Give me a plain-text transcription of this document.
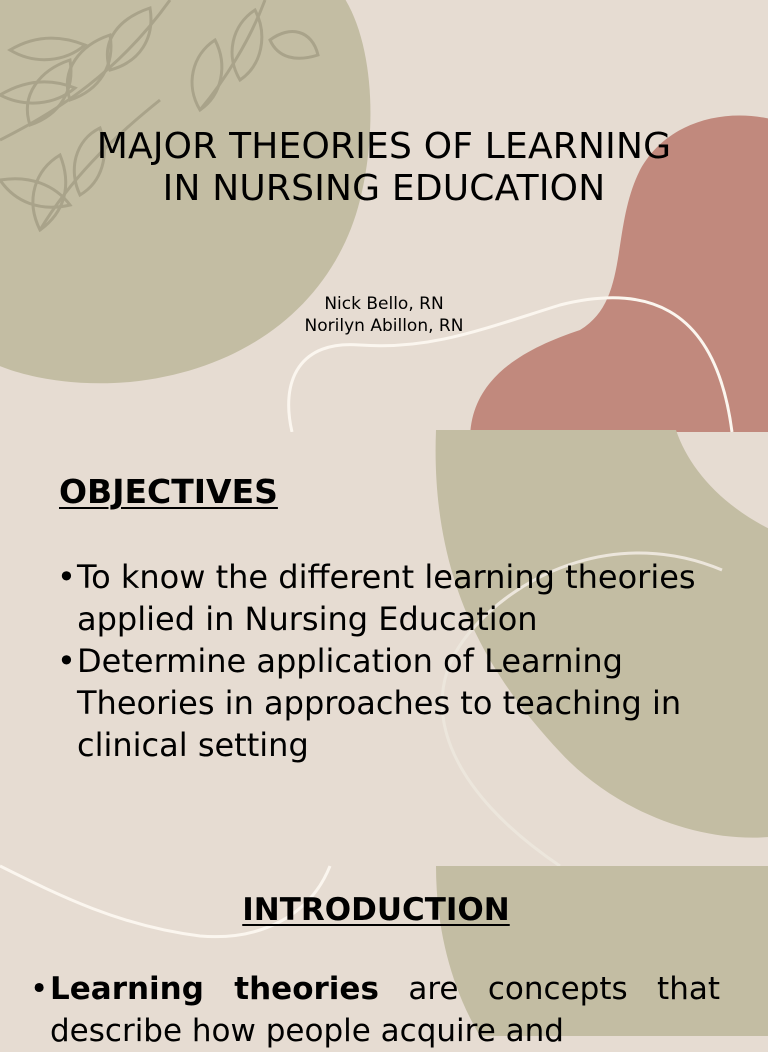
MAJOR THEORIES OF LEARNING
IN NURSING EDUCATION
Nick Bello, RN
Norilyn Abillon, RN
OBJECTIVES
• To know the different learning theories applied in Nursing Education
• Determine application of Learning Theories in approaches to teaching in clinical setting
INTRODUCTION
• Learning theories are concepts that describe how people acquire and
